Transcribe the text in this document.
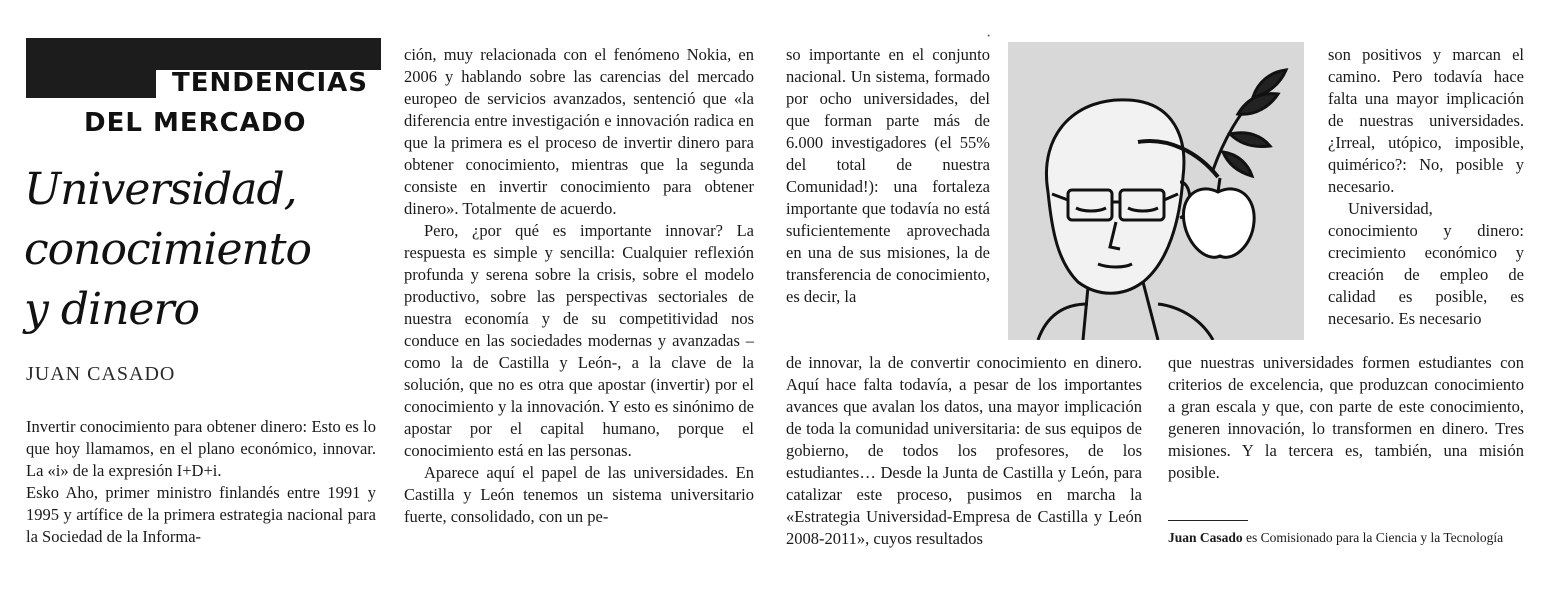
TENDENCIAS
DEL MERCADO
Universidad,
conocimiento
y dinero
JUAN CASADO

Invertir conocimiento para obtener dinero: Esto es lo que hoy llamamos, en el plano económico, innovar. La «i» de la expresión I+D+i.

Esko Aho, primer ministro finlandés entre 1991 y 1995 y artífice de la primera estrategia nacional para la Sociedad de la Informa-

ción, muy relacionada con el fenómeno Nokia, en 2006 y hablando sobre las carencias del mercado europeo de servicios avanzados, sentenció que «la diferencia entre investigación e innovación radica en que la primera es el proceso de invertir dinero para obtener conocimiento, mientras que la segunda consiste en invertir conocimiento para obtener dinero». Totalmente de acuerdo.

Pero, ¿por qué es importante innovar? La respuesta es simple y sencilla: Cualquier reflexión profunda y serena sobre la crisis, sobre el modelo productivo, sobre las perspectivas sectoriales de nuestra economía y de su competitividad nos conduce en las sociedades modernas y avanzadas –como la de Castilla y León-, a la clave de la solución, que no es otra que apostar (invertir) por el conocimiento y la innovación. Y esto es sinónimo de apostar por el capital humano, porque el conocimiento está en las personas.

Aparece aquí el papel de las universidades. En Castilla y León tenemos un sistema universitario fuerte, consolidado, con un pe-

so importante en el conjunto nacional. Un sistema, formado por ocho universidades, del que forman parte más de 6.000 investigadores (el 55% del total de nuestra Comunidad!): una fortaleza importante que todavía no está suficientemente aprovechada en una de sus misiones, la de transferencia de conocimiento, es decir, la

de innovar, la de convertir conocimiento en dinero. Aquí hace falta todavía, a pesar de los importantes avances que avalan los datos, una mayor implicación de toda la comunidad universitaria: de sus equipos de gobierno, de todos los profesores, de los estudiantes… Desde la Junta de Castilla y León, para catalizar este proceso, pusimos en marcha la «Estrategia Universidad-Empresa de Castilla y León 2008-2011», cuyos resultados

·

son positivos y marcan el camino. Pero todavía hace falta una mayor implicación de nuestras universidades. ¿Irreal, utópico, imposible, quimérico?: No, posible y necesario.

Universidad, conocimiento y dinero: crecimiento económico y creación de empleo de calidad es posible, es necesario. Es necesario

que nuestras universidades formen estudiantes con criterios de excelencia, que produzcan conocimiento a gran escala y que, con parte de este conocimiento, generen innovación, lo transformen en dinero. Tres misiones. Y la tercera es, también, una misión posible.

Juan Casado es Comisionado para la Ciencia y la Tecnología
